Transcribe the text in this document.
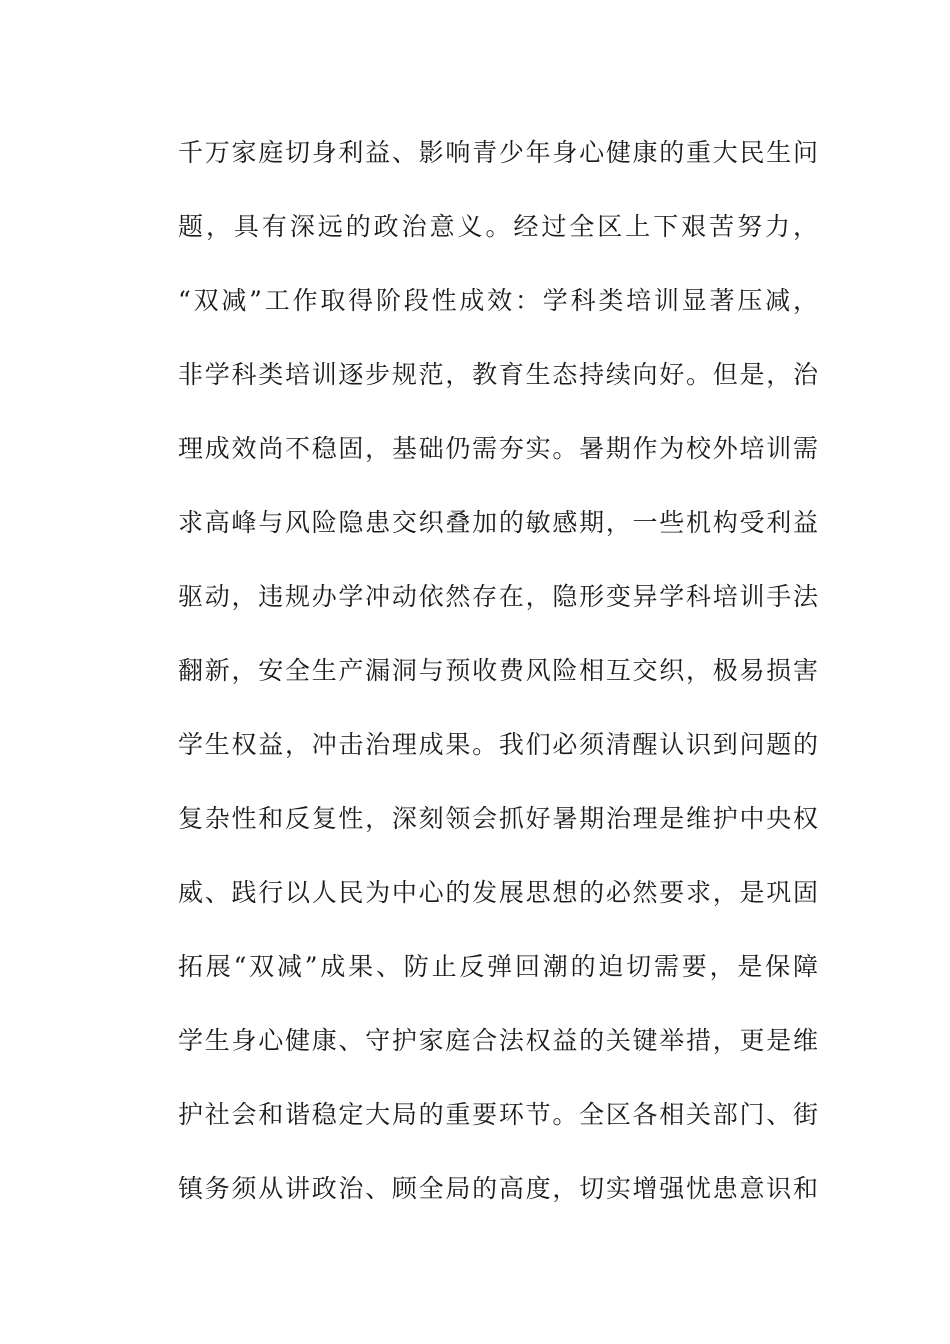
千万家庭切身利益、影响青少年身心健康的重大民生问
题，具有深远的政治意义。经过全区上下艰苦努力，
“双减”工作取得阶段性成效：学科类培训显著压减，
非学科类培训逐步规范，教育生态持续向好。但是，治
理成效尚不稳固，基础仍需夯实。暑期作为校外培训需
求高峰与风险隐患交织叠加的敏感期，一些机构受利益
驱动，违规办学冲动依然存在，隐形变异学科培训手法
翻新，安全生产漏洞与预收费风险相互交织，极易损害
学生权益，冲击治理成果。我们必须清醒认识到问题的
复杂性和反复性，深刻领会抓好暑期治理是维护中央权
威、践行以人民为中心的发展思想的必然要求，是巩固
拓展“双减”成果、防止反弹回潮的迫切需要，是保障
学生身心健康、守护家庭合法权益的关键举措，更是维
护社会和谐稳定大局的重要环节。全区各相关部门、街
镇务须从讲政治、顾全局的高度，切实增强忧患意识和
